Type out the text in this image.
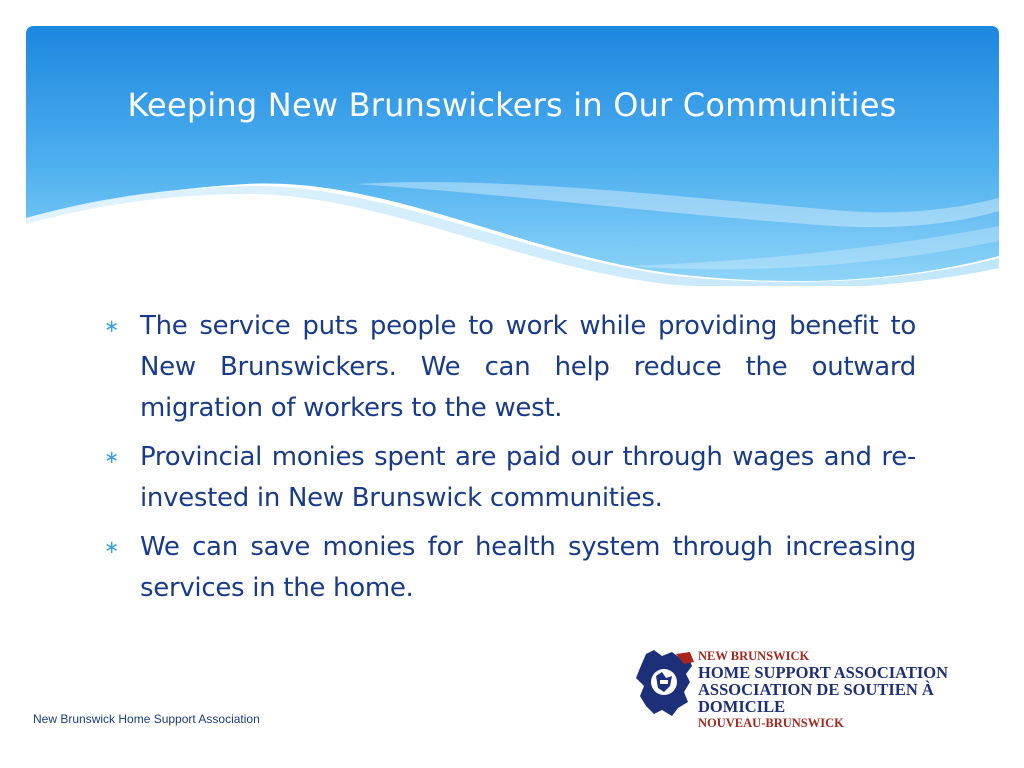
Keeping New Brunswickers in Our Communities
∗ The service puts people to work while providing benefit to New Brunswickers. We can help reduce the outward migration of workers to the west.
∗ Provincial monies spent are paid our through wages and re-invested in New Brunswick communities.
∗ We can save monies for health system through increasing services in the home.
New Brunswick Home Support Association
NEW BRUNSWICK
HOME SUPPORT ASSOCIATION
ASSOCIATION DE SOUTIEN À DOMICILE
NOUVEAU-BRUNSWICK
